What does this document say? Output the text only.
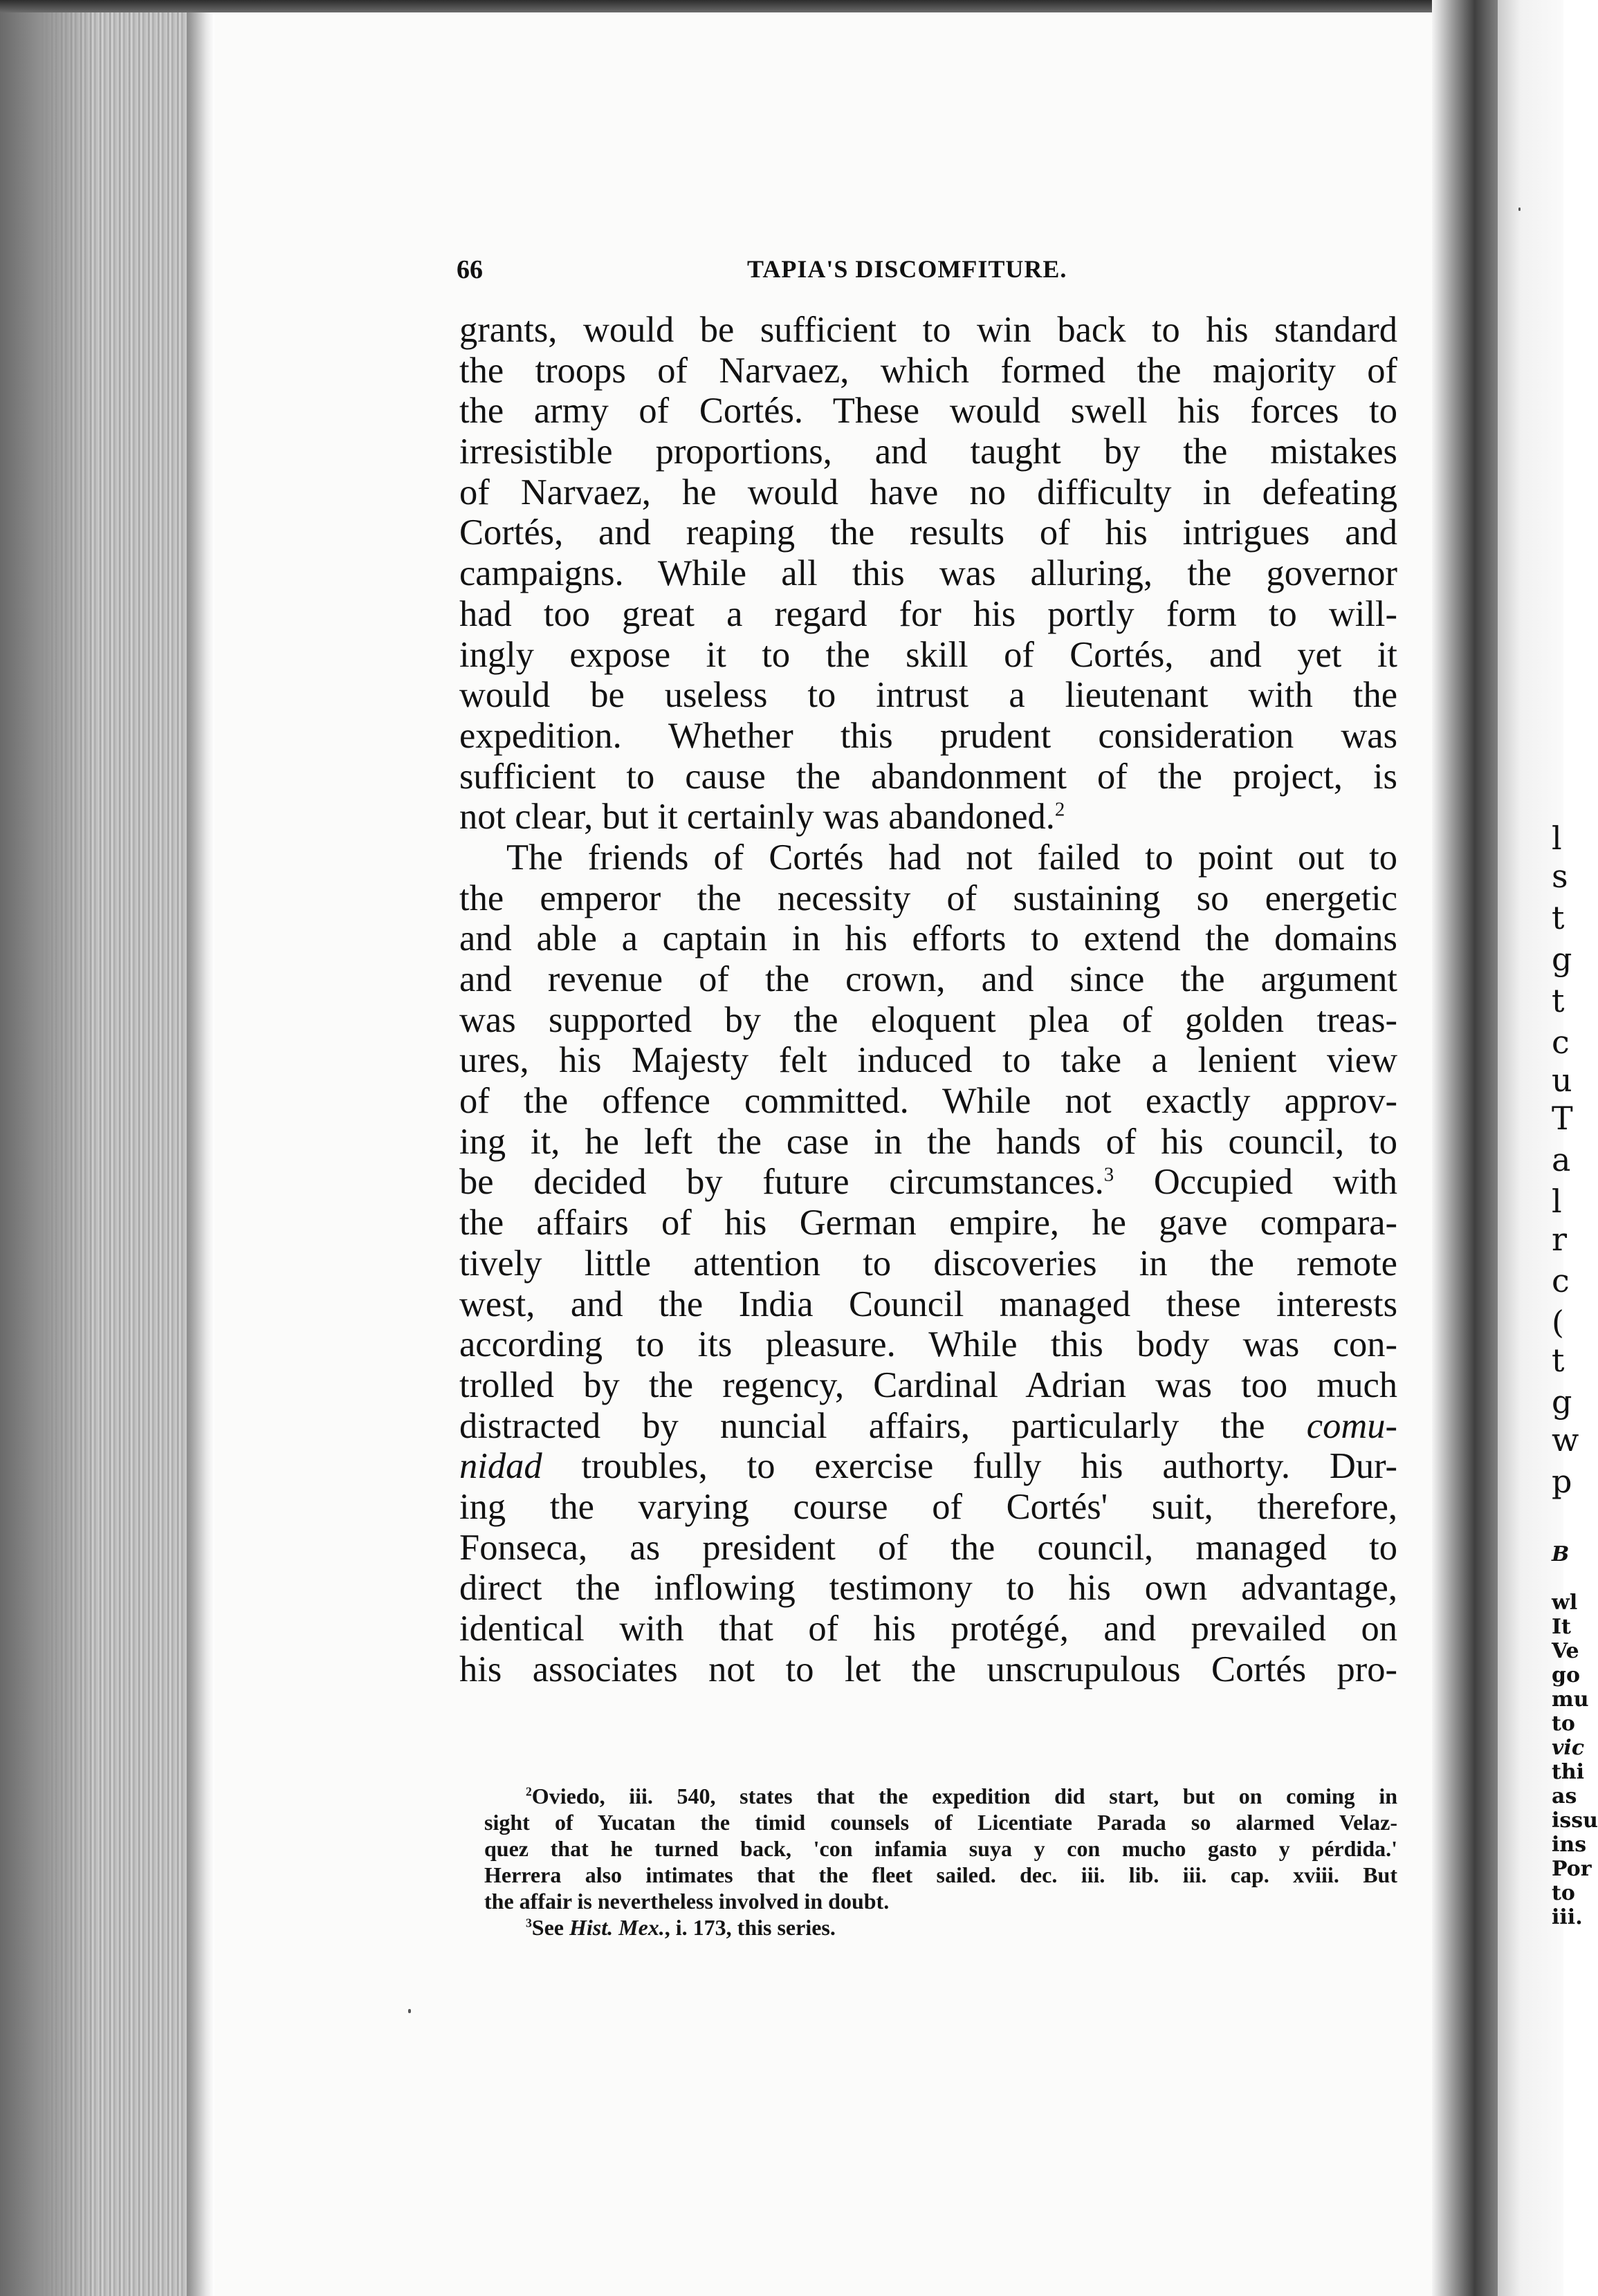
l
s
t
g
t
c
u
T
a
l
r
c
(
t
g
w
p
B
wl
It
Ve
go
mu
to
vic
thi
as
issu
ins
Por
to
iii.
66	TAPIA'S DISCOMFITURE.
grants, would be sufficient to win back to his standard
the troops of Narvaez, which formed the majority of
the army of Cortés. These would swell his forces to
irresistible proportions, and taught by the mistakes
of Narvaez, he would have no difficulty in defeating
Cortés, and reaping the results of his intrigues and
campaigns. While all this was alluring, the governor
had too great a regard for his portly form to will-
ingly expose it to the skill of Cortés, and yet it
would be useless to intrust a lieutenant with the
expedition. Whether this prudent consideration was
sufficient to cause the abandonment of the project, is
not clear, but it certainly was abandoned.$^2$
The friends of Cortés had not failed to point out to
the emperor the necessity of sustaining so energetic
and able a captain in his efforts to extend the domains
and revenue of the crown, and since the argument
was supported by the eloquent plea of golden treas-
ures, his Majesty felt induced to take a lenient view
of the offence committed. While not exactly approv-
ing it, he left the case in the hands of his council, to
be decided by future circumstances.$^3$ Occupied with
the affairs of his German empire, he gave compara-
tively little attention to discoveries in the remote
west, and the India Council managed these interests
according to its pleasure. While this body was con-
trolled by the regency, Cardinal Adrian was too much
distracted by nuncial affairs, particularly the comu-
nidad troubles, to exercise fully his authorty. Dur-
ing the varying course of Cortés' suit, therefore,
Fonseca, as president of the council, managed to
direct the inflowing testimony to his own advantage,
identical with that of his protégé, and prevailed on
his associates not to let the unscrupulous Cortés pro-
$^2$Oviedo, iii. 540, states that the expedition did start, but on coming in
sight of Yucatan the timid counsels of Licentiate Parada so alarmed Velaz-
quez that he turned back, 'con infamia suya y con mucho gasto y pérdida.'
Herrera also intimates that the fleet sailed. dec. iii. lib. iii. cap. xviii. But
the affair is nevertheless involved in doubt.
$^3$See Hist. Mex., i. 173, this series.
